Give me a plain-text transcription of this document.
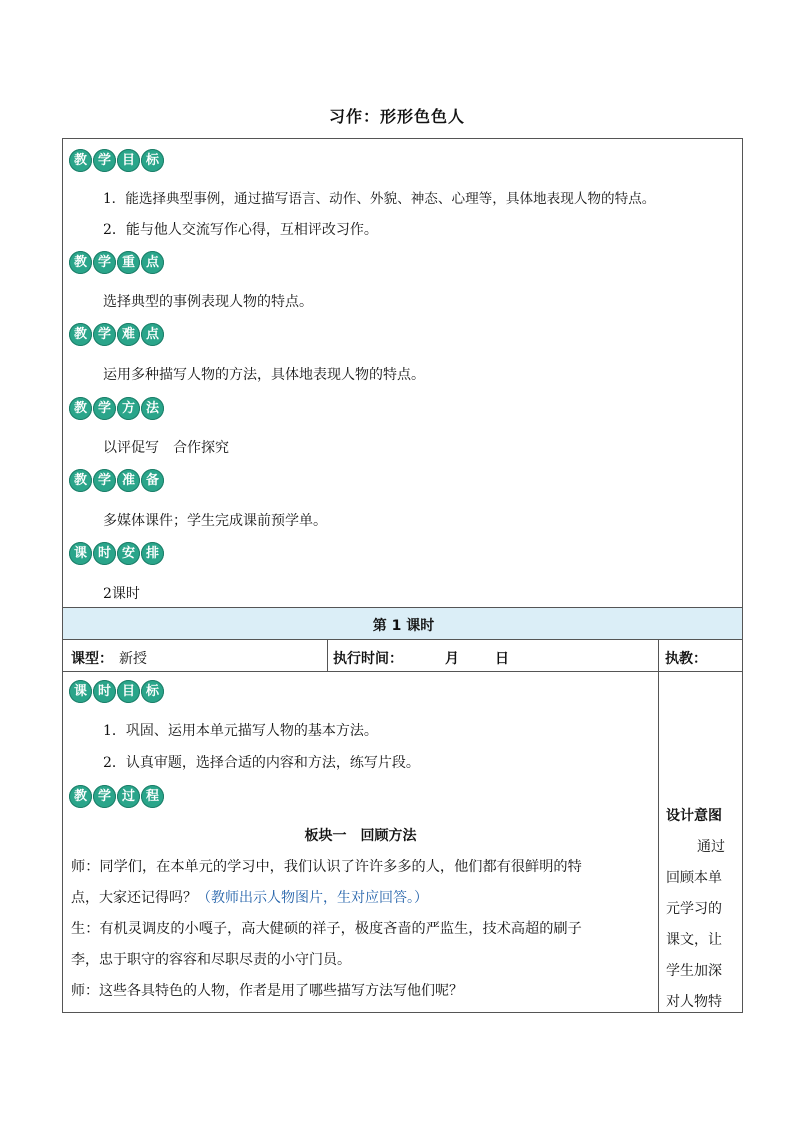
习作：形形色色人
教 学 目 标
1．能选择典型事例，通过描写语言、动作、外貌、神态、心理等，具体地表现人物的特点。
2．能与他人交流写作心得，互相评改习作。
教 学 重 点
选择典型的事例表现人物的特点。
教 学 难 点
运用多种描写人物的方法，具体地表现人物的特点。
教 学 方 法
以评促写　合作探究
教 学 准 备
多媒体课件；学生完成课前预学单。
课 时 安 排
2课时
第 1 课时
课型： 新授	执行时间：	月	日	执教：
课 时 目 标
1．巩固、运用本单元描写人物的基本方法。
2．认真审题，选择合适的内容和方法，练写片段。
教 学 过 程
板块一　回顾方法
师：同学们，在本单元的学习中，我们认识了许许多多的人，他们都有很鲜明的特
点，大家还记得吗？（教师出示人物图片，生对应回答。）
生：有机灵调皮的小嘎子，高大健硕的祥子，极度吝啬的严监生，技术高超的刷子
李，忠于职守的容容和尽职尽责的小守门员。
师：这些各具特色的人物，作者是用了哪些描写方法写他们呢？
设计意图
通过
回顾本单
元学习的
课文，让
学生加深
对人物特
